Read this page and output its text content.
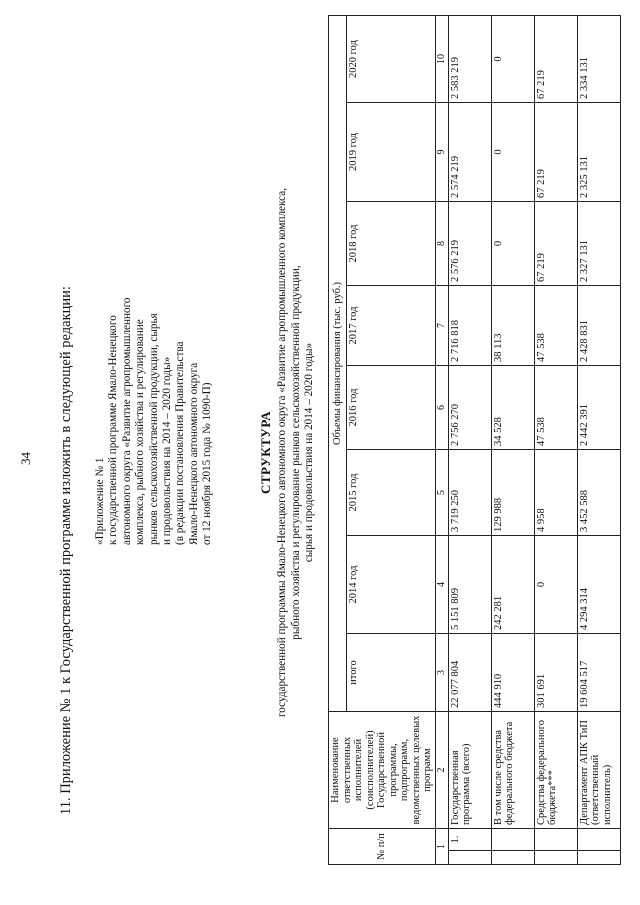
34 11. Приложение № 1 к Государственной программе изложить в следующей редакции: «Приложение № 1 к государственной программе Ямало-Ненецкого автономного округа «Развитие агропромышленного комплекса, рыбного хозяйства и регулирование рынков сельскохозяйственной продукции, сырья и продовольствия на 2014 – 2020 годы» (в редакции постановления Правительства Ямало-Ненецкого автономного округа от 12 ноября 2015 года № 1090-П)	СТРУКТУРА государственной программы Ямало-Ненецкого автономного округа «Развитие агропромышленного комплекса, рыбного хозяйства и регулирование рынков сельскохозяйственной продукции, сырья и продовольствия на 2014 – 2020 годы»
№ п/п		Наименование ответственных исполнителей (соисполнителей) Государственной программы, подпрограмм, ведомственных целевых программ	Объемы финансирования (тыс. руб.)							
			итого	2014 год	2015 год	2016 год	2017 год	2018 год	2019 год	2020 год
1		2	3	4	5	6	7	8	9	10
	1.	Государственная программа (всего)	22 077 804	5 151 809	3 719 250	2 756 270	2 716 818	2 576 219	2 574 219	2 583 219
		В том числе средства федерального бюджета	444 910	242 281	129 988	34 528	38 113	0	0	0
		Средства федерального бюджета***	301 691	0	4 958	47 538	47 538	67 219	67 219	67 219
		Департамент АПК ТиП (ответственный исполнитель)	19 604 517	4 294 314	3 452 588	2 442 391	2 428 831	2 327 131	2 325 131	2 334 131
